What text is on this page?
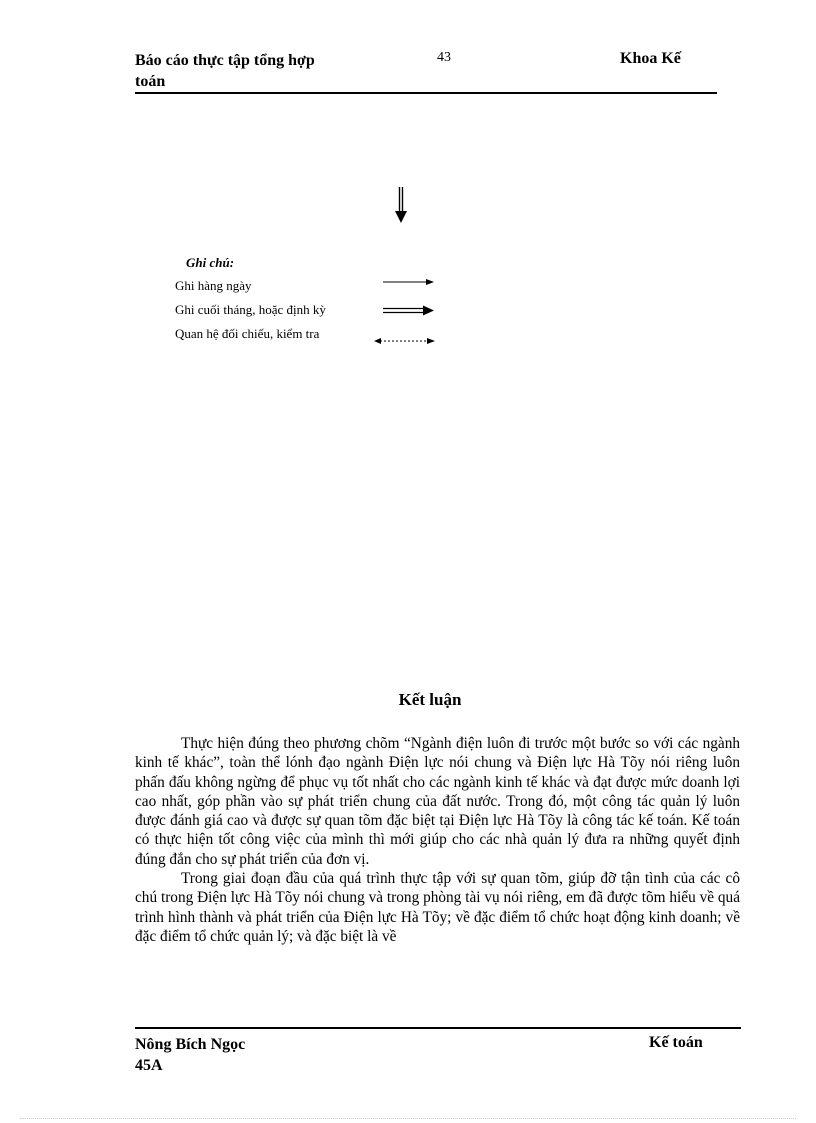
Báo cáo thực tập tổng hợp
toán
43	Khoa Kế
Ghi chú:
Ghi hàng ngày
Ghi cuối tháng, hoặc định kỳ
Quan hệ đối chiếu, kiểm tra
Kết luận

Thực hiện đúng theo phương chõm “Ngành điện luôn đi trước một bước so với các ngành kinh tế khác”, toàn thể lónh đạo ngành Điện lực nói chung và Điện lực Hà Tõy nói riêng luôn phấn đấu không ngừng để phục vụ tốt nhất cho các ngành kinh tế khác và đạt được mức doanh lợi cao nhất, góp phần vào sự phát triển chung của đất nước. Trong đó, một công tác quản lý luôn được đánh giá cao và được sự quan tõm đặc biệt tại Điện lực Hà Tõy là công tác kế toán. Kế toán có thực hiện tốt công việc của mình thì mới giúp cho các nhà quản lý đưa ra những quyết định đúng đắn cho sự phát triển của đơn vị.

Trong giai đoạn đầu của quá trình thực tập với sự quan tõm, giúp đỡ tận tình của các cô chú trong Điện lực Hà Tõy nói chung và trong phòng tài vụ nói riêng, em đã được tõm hiểu về quá trình hình thành và phát triển của Điện lực Hà Tõy; về đặc điểm tổ chức hoạt động kinh doanh; về đặc điểm tổ chức quản lý; và đặc biệt là về

Nông Bích Ngọc
45A
Kế toán
